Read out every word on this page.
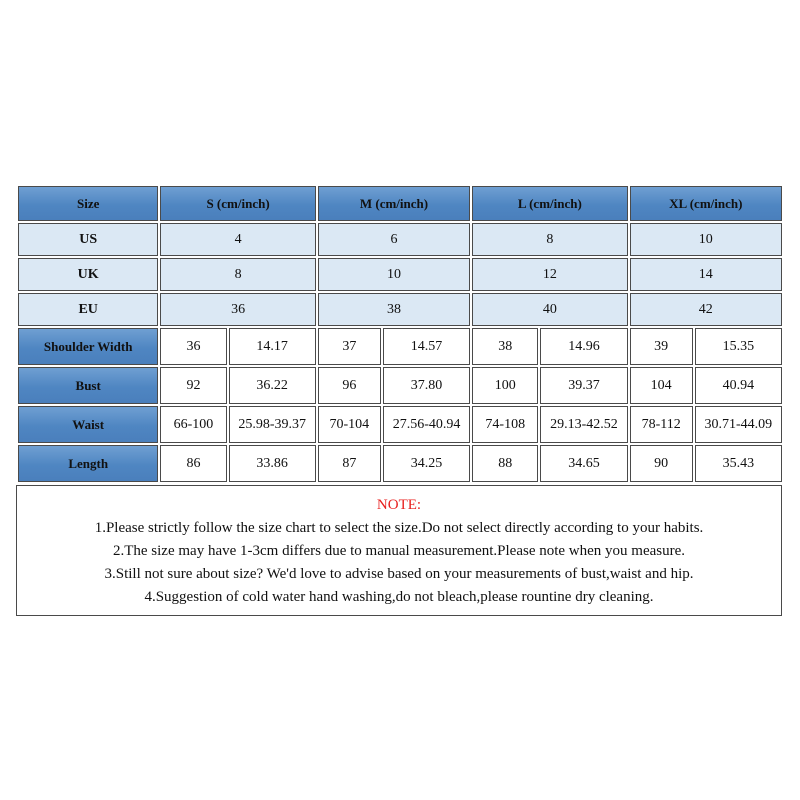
Size	S (cm/inch)		M (cm/inch)		L (cm/inch)		XL (cm/inch)	
US	4		6		8		10	
UK	8		10		12		14	
EU	36		38		40		42	
Shoulder Width	36	14.17	37	14.57	38	14.96	39	15.35
Bust	92	36.22	96	37.80	100	39.37	104	40.94
Waist	66-100	25.98-39.37	70-104	27.56-40.94	74-108	29.13-42.52	78-112	30.71-44.09
Length	86	33.86	87	34.25	88	34.65	90	35.43
NOTE:
1.Please strictly follow the size chart to select the size.Do not select directly according to your habits.
2.The size may have 1-3cm differs due to manual measurement.Please note when you measure.
3.Still not sure about size? We'd love to advise based on your measurements of bust,waist and hip.
4.Suggestion of cold water hand washing,do not bleach,please rountine dry cleaning.
